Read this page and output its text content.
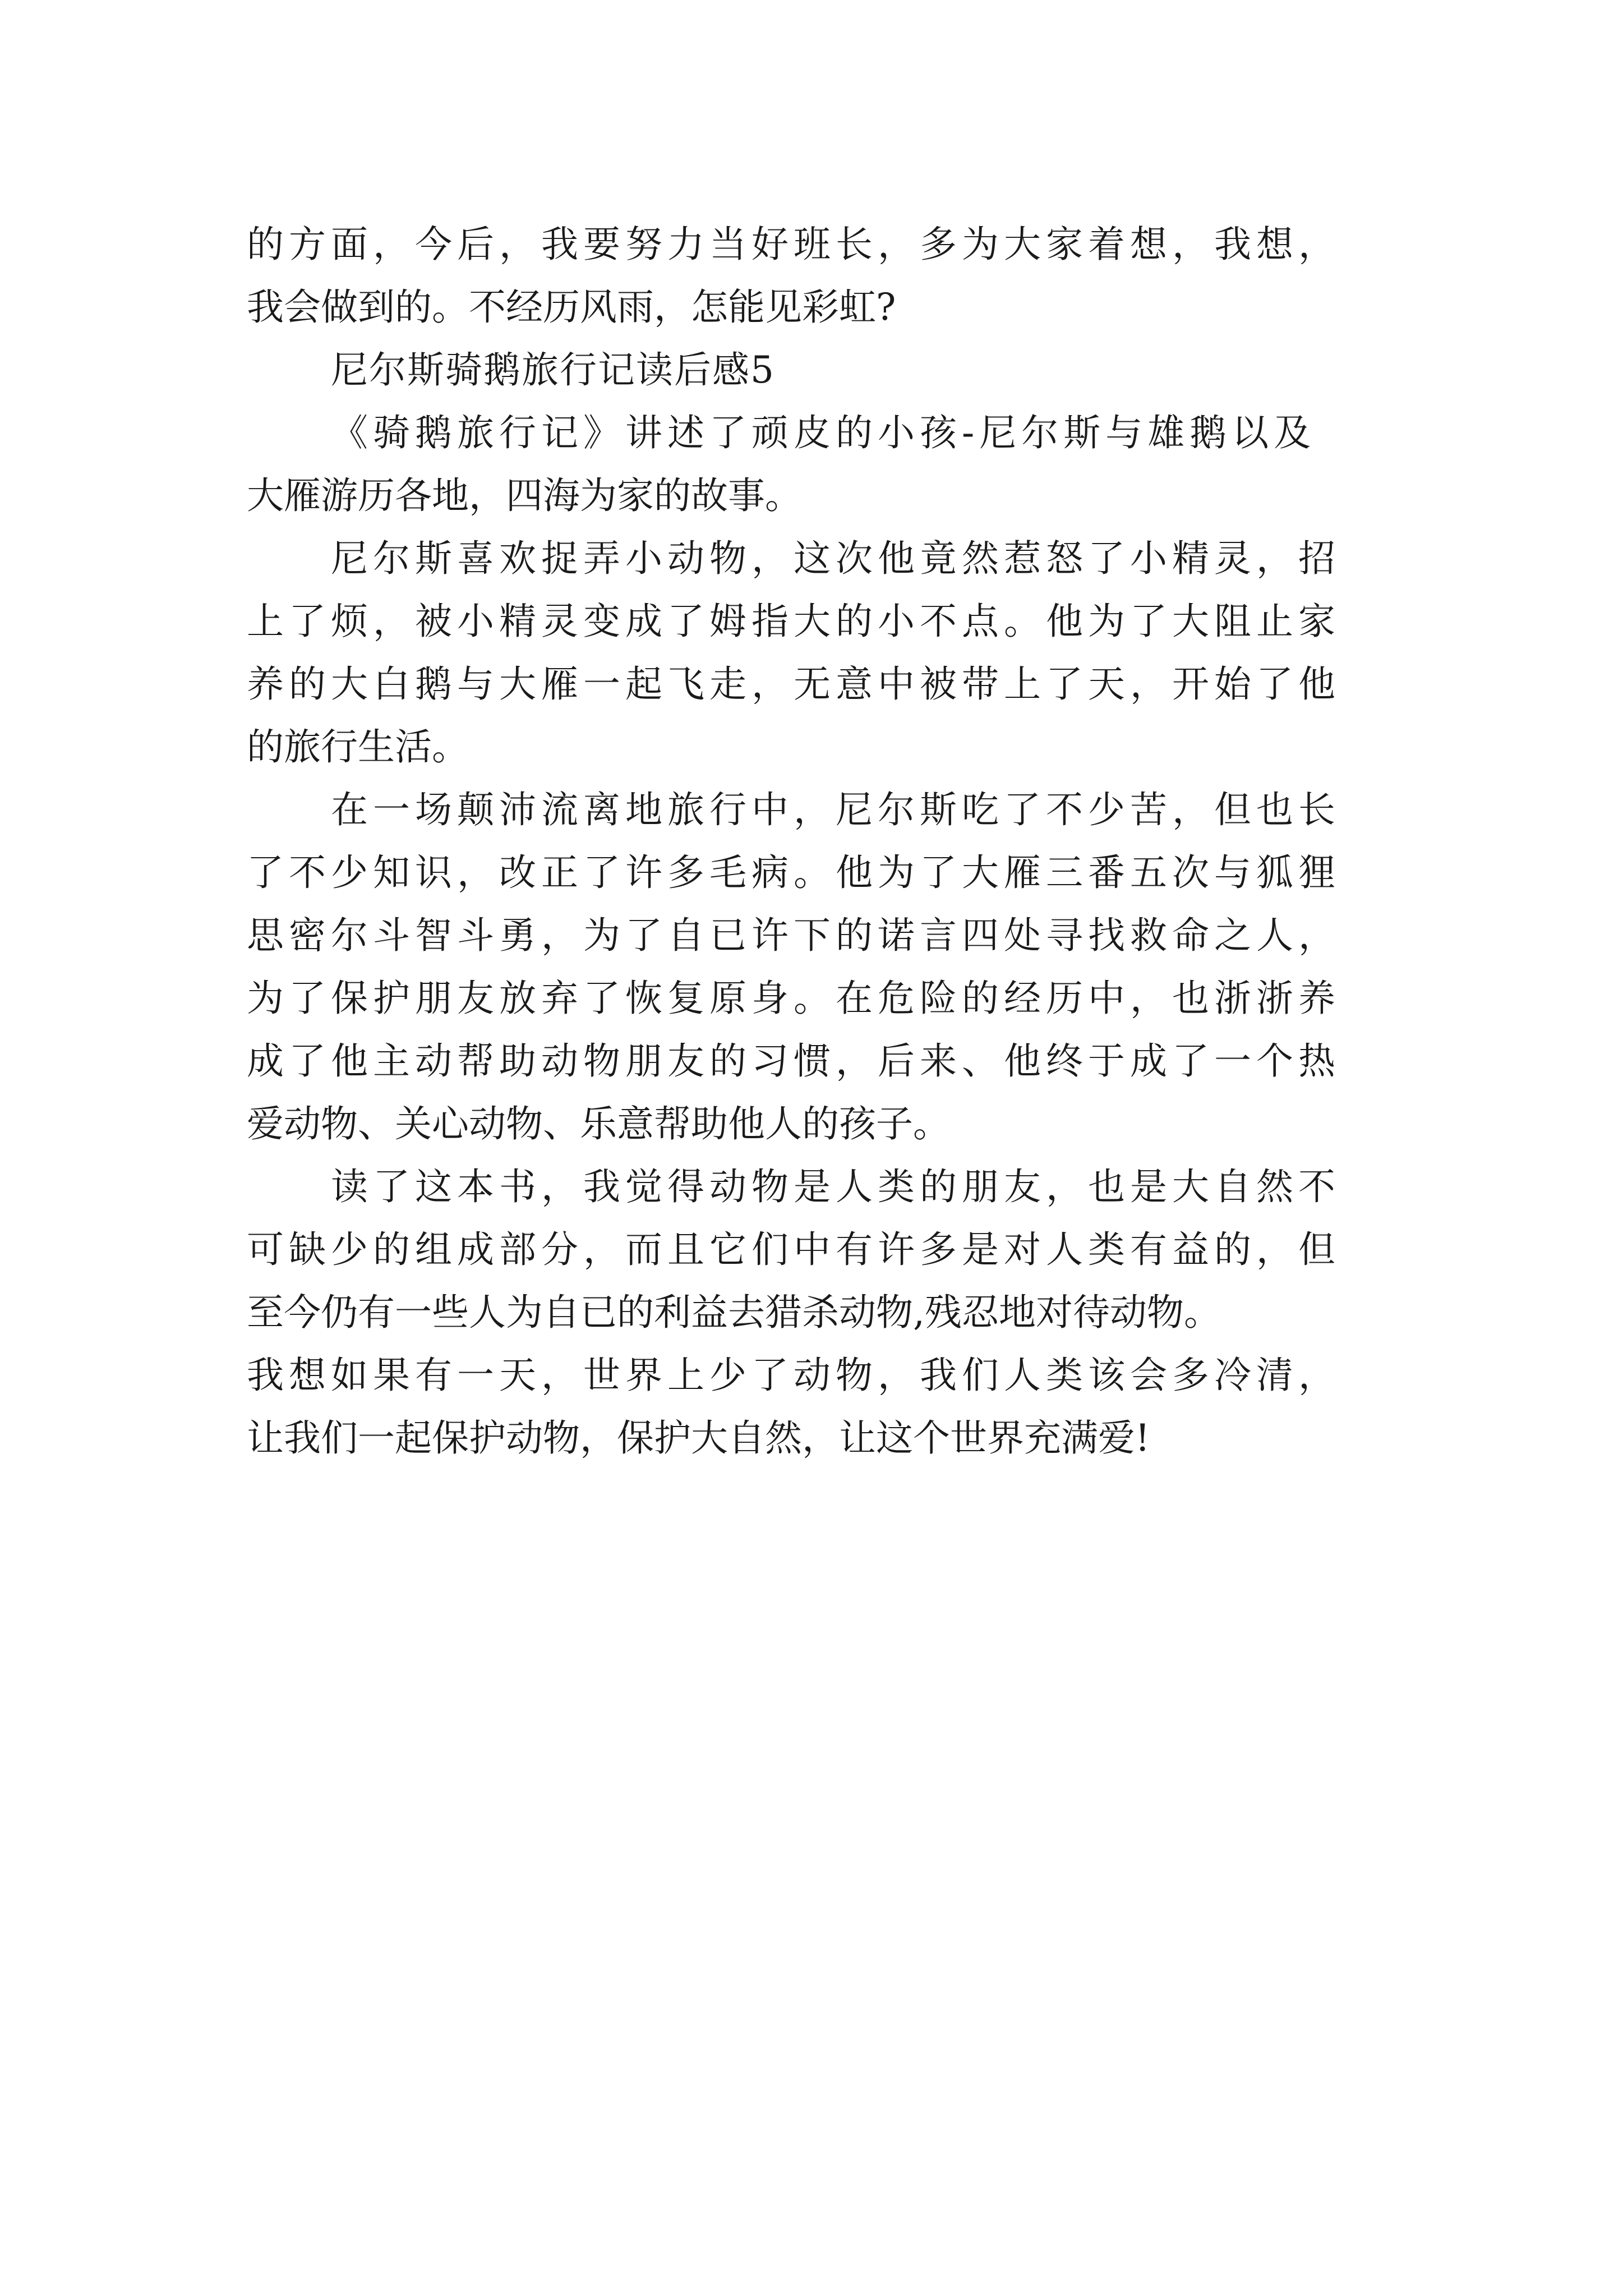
的方面，今后，我要努力当好班长，多为大家着想，我想，
我会做到的。不经历风雨，怎能见彩虹?

尼尔斯骑鹅旅行记读后感5

《骑鹅旅行记》讲述了顽皮的小孩-尼尔斯与雄鹅以及
大雁游历各地，四海为家的故事。

尼尔斯喜欢捉弄小动物，这次他竟然惹怒了小精灵，招
上了烦，被小精灵变成了姆指大的小不点。他为了大阻止家
养的大白鹅与大雁一起飞走，无意中被带上了天，开始了他
的旅行生活。

在一场颠沛流离地旅行中，尼尔斯吃了不少苦，但也长
了不少知识，改正了许多毛病。他为了大雁三番五次与狐狸
思密尔斗智斗勇，为了自已许下的诺言四处寻找救命之人，
为了保护朋友放弃了恢复原身。在危险的经历中，也浙浙养
成了他主动帮助动物朋友的习惯，后来、他终于成了一个热
爱动物、关心动物、乐意帮助他人的孩子。

读了这本书，我觉得动物是人类的朋友，也是大自然不
可缺少的组成部分，而且它们中有许多是对人类有益的，但
至今仍有一些人为自已的利益去猎杀动物,残忍地对待动物。
我想如果有一天，世界上少了动物，我们人类该会多冷清，
让我们一起保护动物，保护大自然，让这个世界充满爱!
